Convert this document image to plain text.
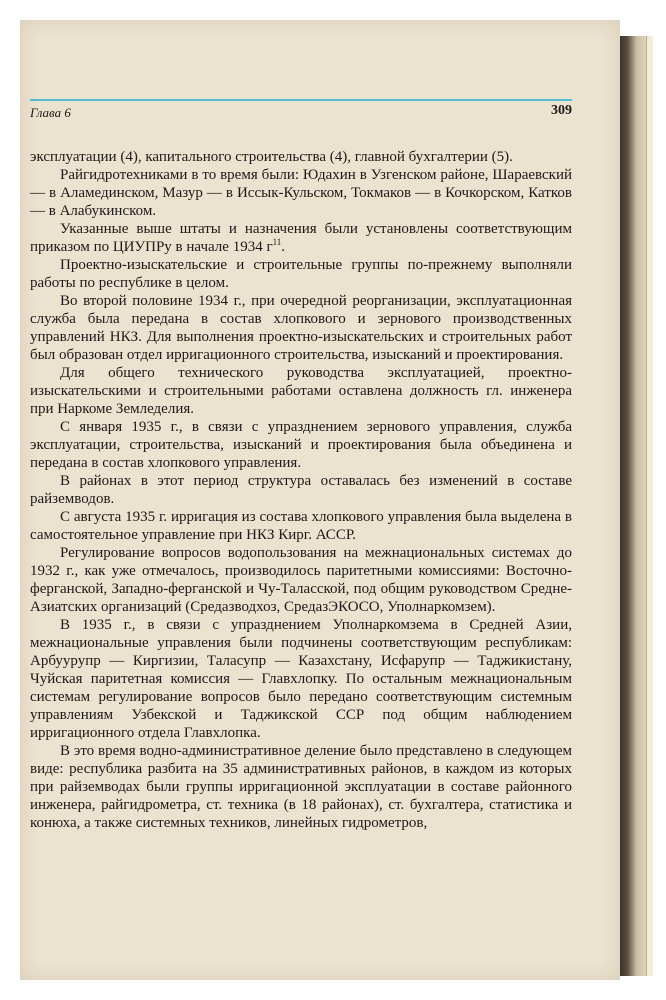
Глава 6	309

эксплуатации (4), капитального строительства (4), главной бухгалтерии (5).

Райгидротехниками в то время были: Юдахин в Узгенском районе, Шараевский — в Аламединском, Мазур — в Иссык-Кульском, Токмаков — в Кочкорском, Катков — в Алабукинском.

Указанные выше штаты и назначения были установлены соответствующим приказом по ЦИУПРу в начале 1934 $г^{11}$.

Проектно-изыскательские и строительные группы по-прежнему выполняли работы по республике в целом.

Во второй половине 1934 г., при очередной реорганизации, эксплуатационная служба была передана в состав хлопкового и зернового производственных управлений НКЗ. Для выполнения проектно-изыскательских и строительных работ был образован отдел ирригационного строительства, изысканий и проектирования.

Для общего технического руководства эксплуатацией, проектно-изыскательскими и строительными работами оставлена должность гл. инженера при Наркоме Земледелия.

С января 1935 г., в связи с упразднением зернового управления, служба эксплуатации, строительства, изысканий и проектирования была объединена и передана в состав хлопкового управления.

В районах в этот период структура оставалась без изменений в составе райземводов.

С августа 1935 г. ирригация из состава хлопкового управления была выделена в самостоятельное управление при НКЗ Кирг. АССР.

Регулирование вопросов водопользования на межнациональных системах до 1932 г., как уже отмечалось, производилось паритетными комиссиями: Восточно-ферганской, Западно-ферганской и Чу-Таласской, под общим руководством Средне-Азиатских организаций (Средазводхоз, СредазЭКОСО, Уполнаркомзем).

В 1935 г., в связи с упразднением Уполнаркомзема в Средней Азии, межнациональные управления были подчинены соответствующим республикам: Арбуурупр — Киргизии, Таласупр — Казахстану, Исфарупр — Таджикистану, Чуйская паритетная комиссия — Главхлопку. По остальным межнациональным системам регулирование вопросов было передано соответствующим системным управлениям Узбекской и Таджикской ССР под общим наблюдением ирригационного отдела Главхлопка.

В это время водно-административное деление было представлено в следующем виде: республика разбита на 35 административных районов, в каждом из которых при райземводах были группы ирригационной эксплуатации в составе районного инженера, райгидрометра, ст. техника (в 18 районах), ст. бухгалтера, статистика и конюха, а также системных техников, линейных гидрометров,
